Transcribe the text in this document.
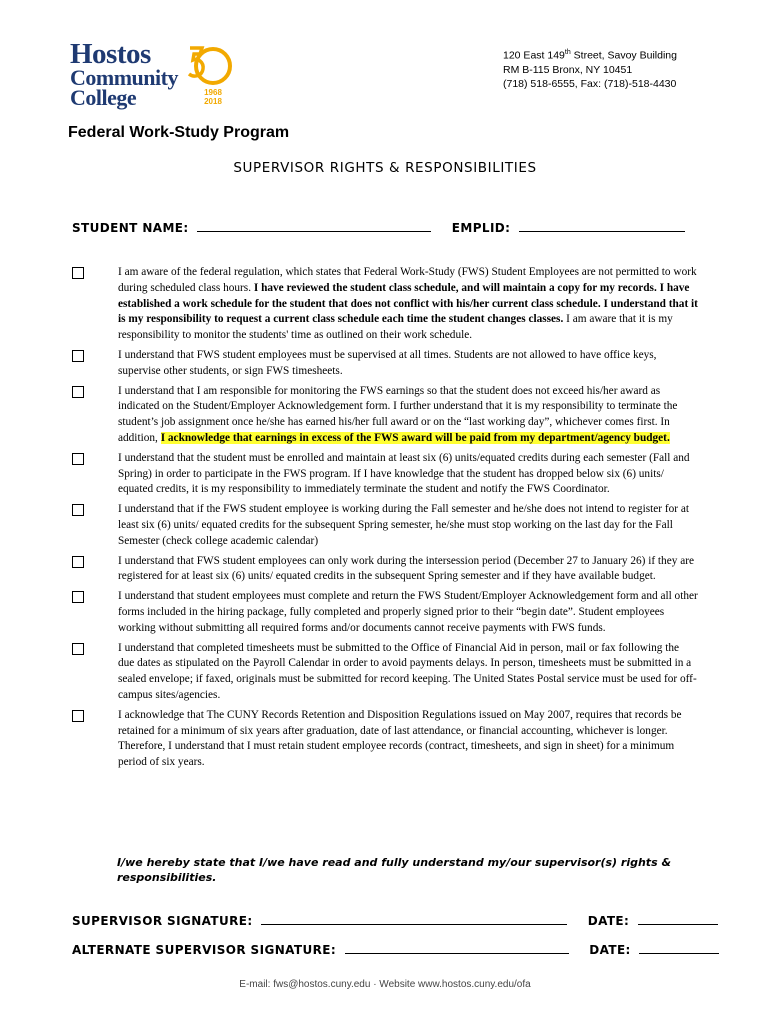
Hostos
Community
College	1968
2018
120 East 149th Street, Savoy Building
RM B-115 Bronx, NY 10451
(718) 518-6555, Fax: (718)-518-4430
Federal Work-Study Program
SUPERVISOR RIGHTS & RESPONSIBILITIES
STUDENT NAME:	EMPLID:
I am aware of the federal regulation, which states that Federal Work-Study (FWS) Student Employees are not permitted to work during scheduled class hours. I have reviewed the student class schedule, and will maintain a copy for my records. I have established a work schedule for the student that does not conflict with his/her current class schedule. I understand that it is my responsibility to request a current class schedule each time the student changes classes. I am aware that it is my responsibility to monitor the students' time as outlined on their work schedule.
I understand that FWS student employees must be supervised at all times. Students are not allowed to have office keys, supervise other students, or sign FWS timesheets.
I understand that I am responsible for monitoring the FWS earnings so that the student does not exceed his/her award as indicated on the Student/Employer Acknowledgement form. I further understand that it is my responsibility to terminate the student’s job assignment once he/she has earned his/her full award or on the “last working day”, whichever comes first. In addition, I acknowledge that earnings in excess of the FWS award will be paid from my department/agency budget.
I understand that the student must be enrolled and maintain at least six (6) units/equated credits during each semester (Fall and Spring) in order to participate in the FWS program. If I have knowledge that the student has dropped below six (6) units/ equated credits, it is my responsibility to immediately terminate the student and notify the FWS Coordinator.
I understand that if the FWS student employee is working during the Fall semester and he/she does not intend to register for at least six (6) units/ equated credits for the subsequent Spring semester, he/she must stop working on the last day for the Fall Semester (check college academic calendar)
I understand that FWS student employees can only work during the intersession period (December 27 to January 26) if they are registered for at least six (6) units/ equated credits in the subsequent Spring semester and if they have available budget.
I understand that student employees must complete and return the FWS Student/Employer Acknowledgement form and all other forms included in the hiring package, fully completed and properly signed prior to their “begin date”. Student employees working without submitting all required forms and/or documents cannot receive payments with FWS funds.
I understand that completed timesheets must be submitted to the Office of Financial Aid in person, mail or fax following the due dates as stipulated on the Payroll Calendar in order to avoid payments delays. In person, timesheets must be submitted in a sealed envelope; if faxed, originals must be submitted for record keeping. The United States Postal service must be used for off-campus sites/agencies.
I acknowledge that The CUNY Records Retention and Disposition Regulations issued on May 2007, requires that records be retained for a minimum of six years after graduation, date of last attendance, or financial accounting, whichever is longer. Therefore, I understand that I must retain student employee records (contract, timesheets, and sign in sheet) for a minimum period of six years.
I/we hereby state that I/we have read and fully understand my/our supervisor(s) rights & responsibilities.
SUPERVISOR SIGNATURE:	DATE:
ALTERNATE SUPERVISOR SIGNATURE:	DATE:
E-mail: fws@hostos.cuny.edu · Website www.hostos.cuny.edu/ofa
